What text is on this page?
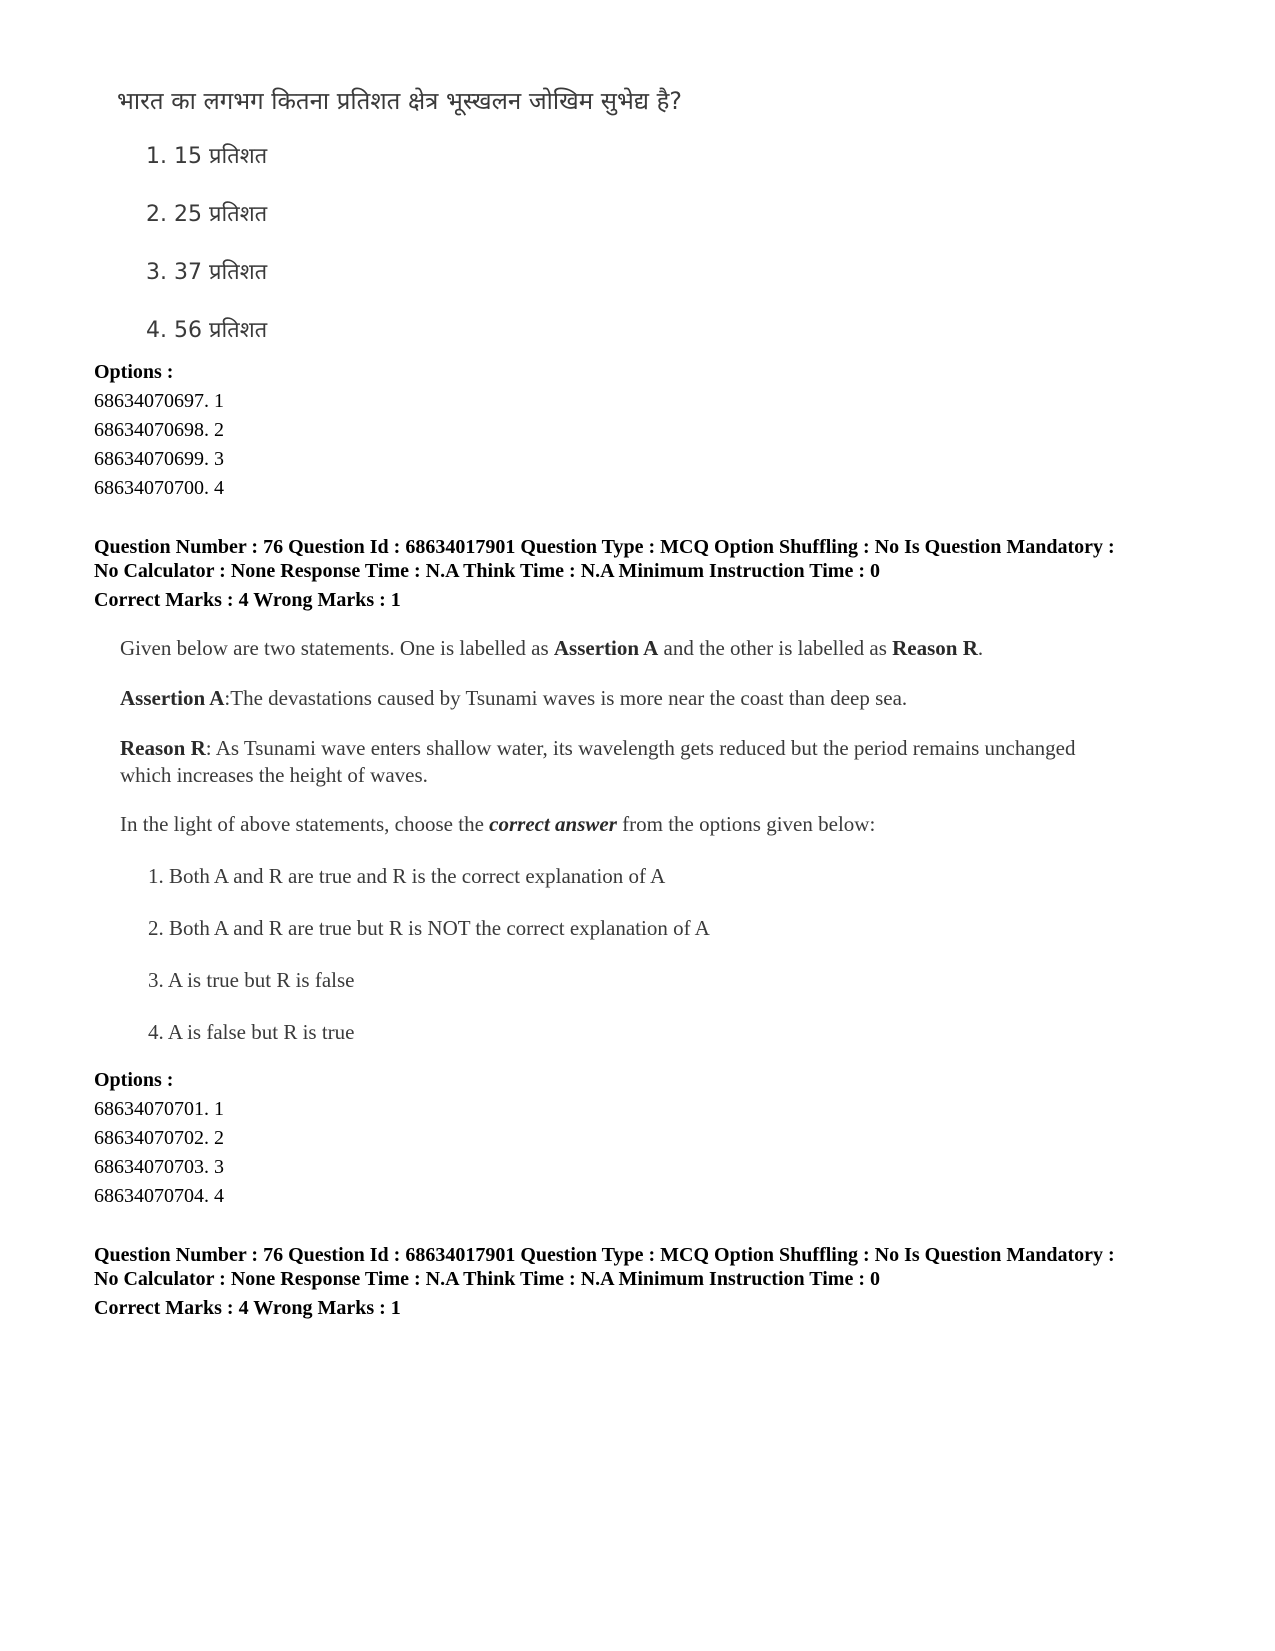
भारत का लगभग कितना प्रतिशत क्षेत्र भूस्खलन जोखिम सुभेद्य है?

1. 15 प्रतिशत
2. 25 प्रतिशत
3. 37 प्रतिशत
4. 56 प्रतिशत

Options :

68634070697. 1
68634070698. 2
68634070699. 3
68634070700. 4

Question Number : 76 Question Id : 68634017901 Question Type : MCQ Option Shuffling : No Is Question Mandatory :

No Calculator : None Response Time : N.A Think Time : N.A Minimum Instruction Time : 0

Correct Marks : 4 Wrong Marks : 1

Given below are two statements. One is labelled as Assertion A and the other is labelled as Reason R.

Assertion A:The devastations caused by Tsunami waves is more near the coast than deep sea.

Reason R: As Tsunami wave enters shallow water, its wavelength gets reduced but the period remains unchanged which increases the height of waves.

In the light of above statements, choose the correct answer from the options given below:

1. Both A and R are true and R is the correct explanation of A
2. Both A and R are true but R is NOT the correct explanation of A
3. A is true but R is false
4. A is false but R is true

Options :

68634070701. 1
68634070702. 2
68634070703. 3
68634070704. 4

Question Number : 76 Question Id : 68634017901 Question Type : MCQ Option Shuffling : No Is Question Mandatory :

No Calculator : None Response Time : N.A Think Time : N.A Minimum Instruction Time : 0

Correct Marks : 4 Wrong Marks : 1
